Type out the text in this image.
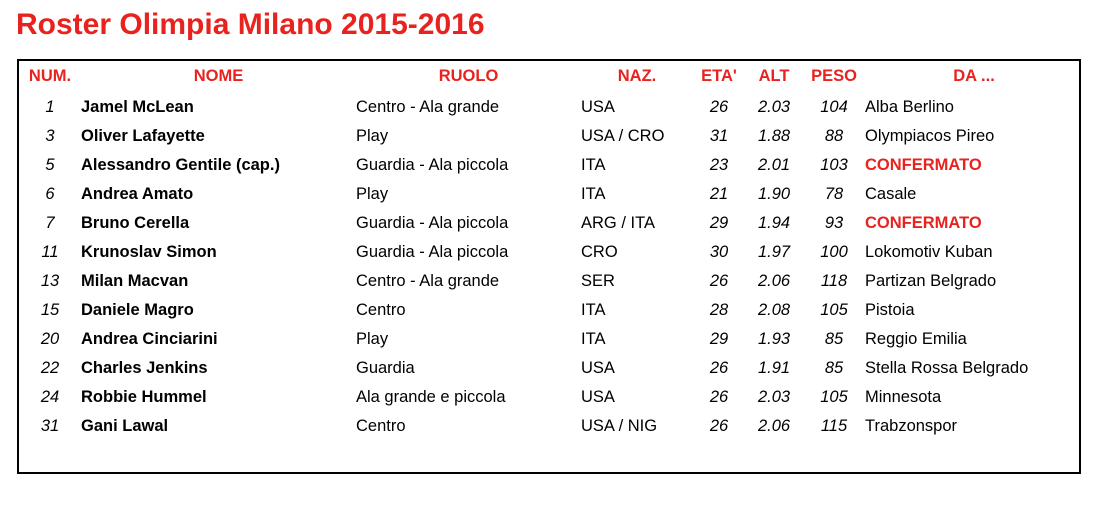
Roster Olimpia Milano 2015-2016
NUM.	NOME	RUOLO	NAZ.	ETA'	ALT	PESO	DA ...
1	Jamel McLean	Centro - Ala grande	USA	26	2.03	104	Alba Berlino
3	Oliver Lafayette	Play	USA / CRO	31	1.88	88	Olympiacos Pireo
5	Alessandro Gentile (cap.)	Guardia - Ala piccola	ITA	23	2.01	103	CONFERMATO
6	Andrea Amato	Play	ITA	21	1.90	78	Casale
7	Bruno Cerella	Guardia - Ala piccola	ARG / ITA	29	1.94	93	CONFERMATO
11	Krunoslav Simon	Guardia - Ala piccola	CRO	30	1.97	100	Lokomotiv Kuban
13	Milan Macvan	Centro - Ala grande	SER	26	2.06	118	Partizan Belgrado
15	Daniele Magro	Centro	ITA	28	2.08	105	Pistoia
20	Andrea Cinciarini	Play	ITA	29	1.93	85	Reggio Emilia
22	Charles Jenkins	Guardia	USA	26	1.91	85	Stella Rossa Belgrado
24	Robbie Hummel	Ala grande e piccola	USA	26	2.03	105	Minnesota
31	Gani Lawal	Centro	USA / NIG	26	2.06	115	Trabzonspor
